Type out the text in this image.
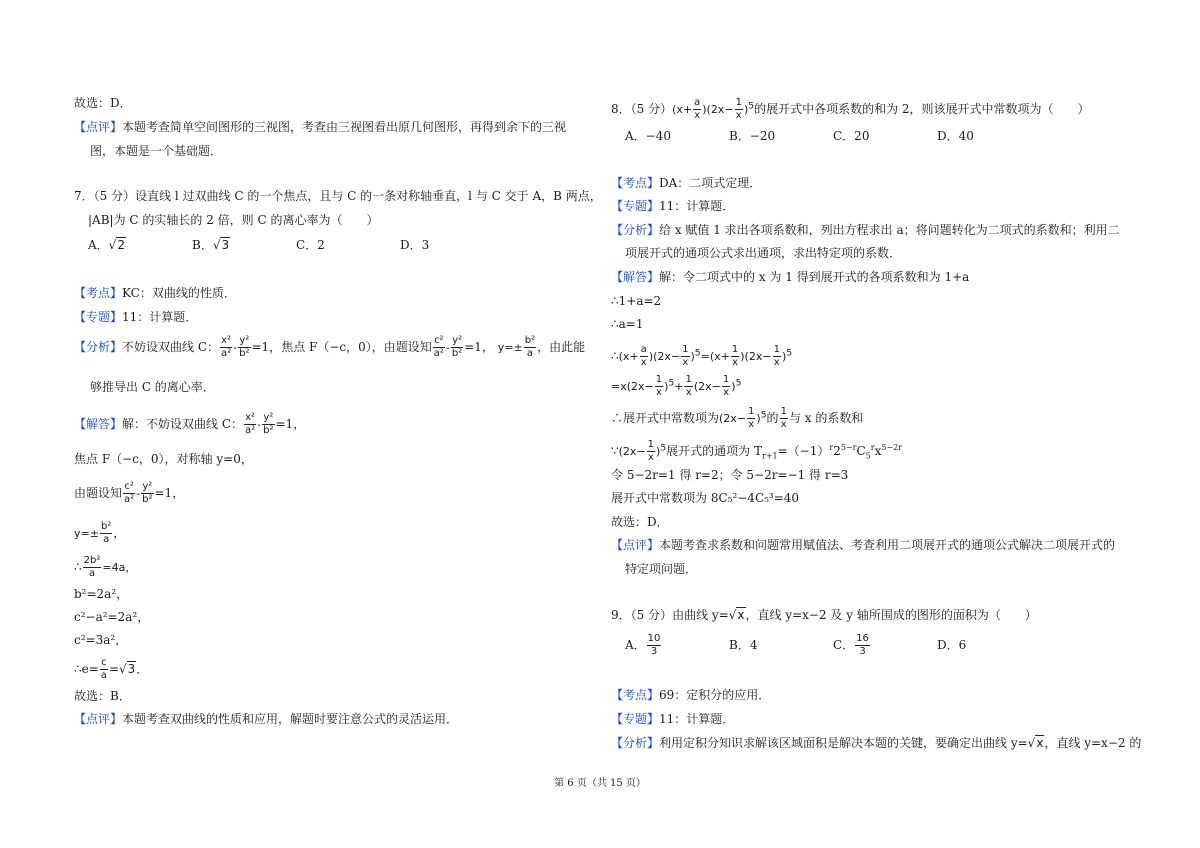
故选：D．
【点评】本题考查简单空间图形的三视图，考查由三视图看出原几何图形，再得到余下的三视
图，本题是一个基础题．
7．（5 分）设直线 l 过双曲线 C 的一个焦点，且与 C 的一条对称轴垂直，l 与 C 交于 A，B 两点，
|AB|为 C 的实轴长的 2 倍，则 C 的离心率为（　　）
A．√2	B．√3	C．2	D．3
【考点】KC：双曲线的性质．
【专题】11：计算题．
【分析】不妨设双曲线 C： $\frac{\text{x²}}{\text{a²}} - \frac{\text{y²}}{\text{b²}} =1$，焦点 F（−c，0），由题设知 $\frac{\text{c²}}{\text{a²}} - \frac{\text{y²}}{\text{b²}} =1$， $y=\pm \frac{\text{b²}}{a}$ ，由此能
够推导出 C 的离心率．
【解答】解：不妨设双曲线 C： $\frac{\text{x²}}{\text{a²}} - \frac{\text{y²}}{\text{b²}} =1$，
焦点 F（−c，0），对称轴 y=0，
由题设知 $\frac{\text{c²}}{\text{a²}} - \frac{\text{y²}}{\text{b²}} =1$，
$y=\pm \frac{\text{b²}}{a}$ ，
∴ $\frac{\text{2b²}}{a} =4a$，
b²=2a²，
c²−a²=2a²，
c²=3a²，
∴e= $\frac{c}{a} =√3$．
故选：B．
【点评】本题考查双曲线的性质和应用，解题时要注意公式的灵活运用．
8．（5 分）$(x+ \frac{a}{x} )(2x- \frac{1}{x} )^5$的展开式中各项系数的和为 2，则该展开式中常数项为（　　）
A．−40	B．−20	C．20	D．40
【考点】DA：二项式定理．
【专题】11：计算题．
【分析】给 x 赋值 1 求出各项系数和，列出方程求出 a；将问题转化为二项式的系数和；利用二
项展开式的通项公式求出通项，求出特定项的系数．
【解答】解：令二项式中的 x 为 1 得到展开式的各项系数和为 1+a
∴1+a=2
∴a=1
∴(x+ $\frac{a}{x} )(2x- \frac{1}{x} )^5=(x+ \frac{1}{x} )(2x- \frac{1}{x} )^5$
$=x(2x- \frac{1}{x} )^5+ \frac{1}{x} (2x- \frac{1}{x} )^5$
∴展开式中常数项为$(2x- \frac{1}{x} )^5$的 $\frac{1}{x}$ 与 x 的系数和
∵(2x− $\frac{1}{x} )^5$展开式的通项为 $T_{r+1}=(-1)^r2^{5-r}C_5^rx^{5-2r}$
令 5−2r=1 得 r=2；令 5−2r=−1 得 r=3
展开式中常数项为 8C₅²−4C₅³=40
故选：D．
【点评】本题考查求系数和问题常用赋值法、考查利用二项展开式的通项公式解决二项展开式的
特定项问题．
9．（5 分）由曲线 y=√x，直线 y=x−2 及 y 轴所围成的图形的面积为（　　）
A． $\frac{10}{3}$	B．4	C． $\frac{16}{3}$	D．6
【考点】69：定积分的应用．
【专题】11：计算题．
【分析】利用定积分知识求解该区域面积是解决本题的关键，要确定出曲线 y=√x，直线 y=x−2 的
第 6 页（共 15 页）
